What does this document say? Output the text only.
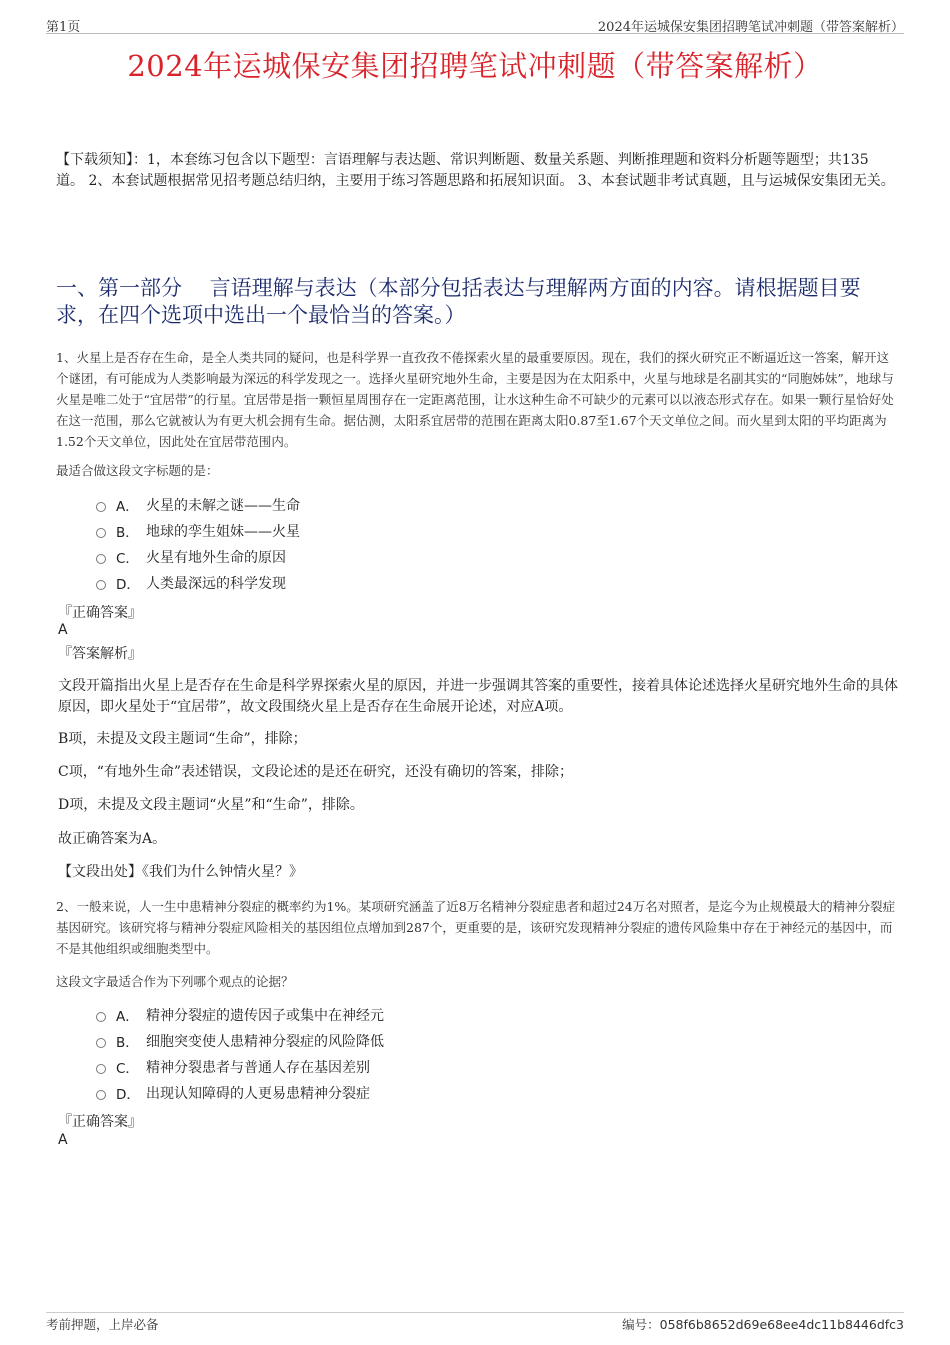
第1页	2024年运城保安集团招聘笔试冲刺题（带答案解析）
2024年运城保安集团招聘笔试冲刺题（带答案解析）
【下载须知】：1，本套练习包含以下题型：言语理解与表达题、常识判断题、数量关系题、判断推理题和资料分析题等题型；共135道。 2、本套试题根据常见招考题总结归纳，主要用于练习答题思路和拓展知识面。 3、本套试题非考试真题，且与运城保安集团无关。
一、第一部分　 言语理解与表达（本部分包括表达与理解两方面的内容。请根据题目要求，在四个选项中选出一个最恰当的答案。）
1、火星上是否存在生命，是全人类共同的疑问，也是科学界一直孜孜不倦探索火星的最重要原因。现在，我们的探火研究正不断逼近这一答案，解开这个谜团，有可能成为人类影响最为深远的科学发现之一。选择火星研究地外生命，主要是因为在太阳系中，火星与地球是名副其实的“同胞姊妹”，地球与火星是唯二处于“宜居带”的行星。宜居带是指一颗恒星周围存在一定距离范围，让水这种生命不可缺少的元素可以以液态形式存在。如果一颗行星恰好处在这一范围，那么它就被认为有更大机会拥有生命。据估测，太阳系宜居带的范围在距离太阳0.87至1.67个天文单位之间。而火星到太阳的平均距离为1.52个天文单位，因此处在宜居带范围内。
最适合做这段文字标题的是：
A． 火星的未解之谜——生命
B． 地球的孪生姐妹——火星
C． 火星有地外生命的原因
D． 人类最深远的科学发现
『正确答案』
A
『答案解析』
文段开篇指出火星上是否存在生命是科学界探索火星的原因，并进一步强调其答案的重要性，接着具体论述选择火星研究地外生命的具体原因，即火星处于“宜居带”，故文段围绕火星上是否存在生命展开论述，对应A项。
B项，未提及文段主题词“生命”，排除；
C项，“有地外生命”表述错误，文段论述的是还在研究，还没有确切的答案，排除；
D项，未提及文段主题词“火星”和“生命”，排除。
故正确答案为A。
【文段出处】《我们为什么钟情火星？》
2、一般来说，人一生中患精神分裂症的概率约为1%。某项研究涵盖了近8万名精神分裂症患者和超过24万名对照者，是迄今为止规模最大的精神分裂症基因研究。该研究将与精神分裂症风险相关的基因组位点增加到287个，更重要的是，该研究发现精神分裂症的遗传风险集中存在于神经元的基因中，而不是其他组织或细胞类型中。
这段文字最适合作为下列哪个观点的论据？
A． 精神分裂症的遗传因子或集中在神经元
B． 细胞突变使人患精神分裂症的风险降低
C． 精神分裂患者与普通人存在基因差别
D． 出现认知障碍的人更易患精神分裂症
『正确答案』
A
考前押题，上岸必备	编号：058f6b8652d69e68ee4dc11b8446dfc3
